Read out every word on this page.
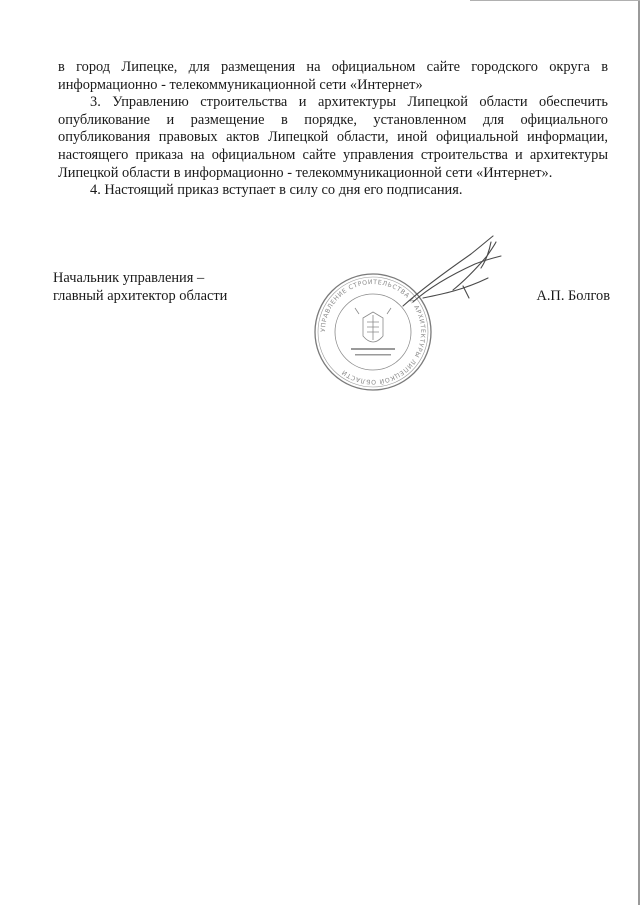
в город Липецке, для размещения на официальном сайте городского округа в информационно - телекоммуникационной сети «Интернет»

3. Управлению строительства и архитектуры Липецкой области обеспечить опубликование и размещение в порядке, установленном для официального опубликования правовых актов Липецкой области, иной официальной информации, настоящего приказа на официальном сайте управления строительства и архитектуры Липецкой области в информационно - телекоммуникационной сети «Интернет».

4. Настоящий приказ вступает в силу со дня его подписания.

Начальник управления –
главный архитектор области
УПРАВЛЕНИЕ СТРОИТЕЛЬСТВА И АРХИТЕКТУРЫ ЛИПЕЦКОЙ ОБЛАСТИ
А.П. Болгов
